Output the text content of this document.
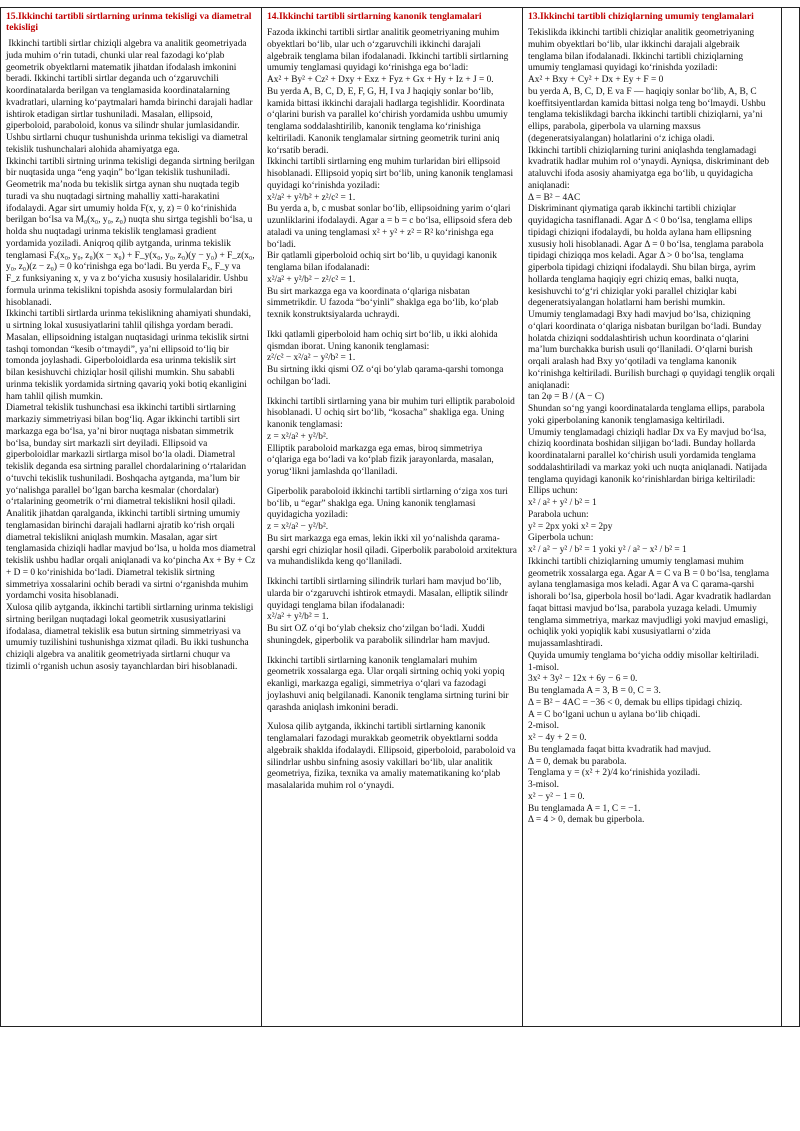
15.Ikkinchi tartibli sirtlarning urinma tekisligi va diametral tekisligi

Ikkinchi tartibli sirtlar chiziqli algebra va analitik geometriyada juda muhim o‘rin tutadi, chunki ular real fazodagi ko‘plab geometrik obyektlarni matematik jihatdan ifodalash imkonini beradi. Ikkinchi tartibli sirtlar deganda uch o‘zgaruvchili koordinatalarda berilgan va tenglamasida koordinatalarning kvadratlari, ularning ko‘paytmalari hamda birinchi darajali hadlar ishtirok etadigan sirtlar tushuniladi. Masalan, ellipsoid, giperboloid, paraboloid, konus va silindr shular jumlasidandir. Ushbu sirtlarni chuqur tushunishda urinma tekisligi va diametral tekislik tushunchalari alohida ahamiyatga ega.

Ikkinchi tartibli sirtning urinma tekisligi deganda sirtning berilgan bir nuqtasida unga “eng yaqin” bo‘lgan tekislik tushuniladi. Geometrik ma’noda bu tekislik sirtga aynan shu nuqtada tegib turadi va shu nuqtadagi sirtning mahalliy xatti-harakatini ifodalaydi. Agar sirt umumiy holda F(x, y, z) = 0 ko‘rinishida berilgan bo‘lsa va M₀(x₀, y₀, z₀) nuqta shu sirtga tegishli bo‘lsa, u holda shu nuqtadagi urinma tekislik tenglamasi gradient yordamida yoziladi. Aniqroq qilib aytganda, urinma tekislik tenglamasi Fₓ(x₀, y₀, z₀)(x − x₀) + F_y(x₀, y₀, z₀)(y − y₀) + F_z(x₀, y₀, z₀)(z − z₀) = 0 ko‘rinishga ega bo‘ladi. Bu yerda Fₓ, F_y va F_z funksiyaning x, y va z bo‘yicha xususiy hosilalaridir. Ushbu formula urinma tekislikni topishda asosiy formulalardan biri hisoblanadi.

Ikkinchi tartibli sirtlarda urinma tekislikning ahamiyati shundaki, u sirtning lokal xususiyatlarini tahlil qilishga yordam beradi. Masalan, ellipsoidning istalgan nuqtasidagi urinma tekislik sirtni tashqi tomondan “kesib o‘tmaydi”, ya’ni ellipsoid to‘liq bir tomonda joylashadi. Giperboloidlarda esa urinma tekislik sirt bilan kesishuvchi chiziqlar hosil qilishi mumkin. Shu sababli urinma tekislik yordamida sirtning qavariq yoki botiq ekanligini ham tahlil qilish mumkin.

Diametral tekislik tushunchasi esa ikkinchi tartibli sirtlarning markaziy simmetriyasi bilan bog‘liq. Agar ikkinchi tartibli sirt markazga ega bo‘lsa, ya’ni biror nuqtaga nisbatan simmetrik bo‘lsa, bunday sirt markazli sirt deyiladi. Ellipsoid va giperboloidlar markazli sirtlarga misol bo‘la oladi. Diametral tekislik deganda esa sirtning parallel chordalarining o‘rtalaridan o‘tuvchi tekislik tushuniladi. Boshqacha aytganda, ma’lum bir yo‘nalishga parallel bo‘lgan barcha kesmalar (chordalar) o‘rtalarining geometrik o‘rni diametral tekislikni hosil qiladi.

Analitik jihatdan qaralganda, ikkinchi tartibli sirtning umumiy tenglamasidan birinchi darajali hadlarni ajratib ko‘rish orqali diametral tekislikni aniqlash mumkin. Masalan, agar sirt tenglamasida chiziqli hadlar mavjud bo‘lsa, u holda mos diametral tekislik ushbu hadlar orqali aniqlanadi va ko‘pincha Ax + By + Cz + D = 0 ko‘rinishida bo‘ladi. Diametral tekislik sirtning simmetriya xossalarini ochib beradi va sirtni o‘rganishda muhim yordamchi vosita hisoblanadi.

Xulosa qilib aytganda, ikkinchi tartibli sirtlarning urinma tekisligi sirtning berilgan nuqtadagi lokal geometrik xususiyatlarini ifodalasa, diametral tekislik esa butun sirtning simmetriyasi va umumiy tuzilishini tushunishga xizmat qiladi. Bu ikki tushuncha chiziqli algebra va analitik geometriyada sirtlarni chuqur va tizimli o‘rganish uchun asosiy tayanchlardan biri hisoblanadi.

14.Ikkinchi tartibli sirtlarning kanonik tenglamalari

Fazoda ikkinchi tartibli sirtlar analitik geometriyaning muhim obyektlari bo‘lib, ular uch o‘zgaruvchili ikkinchi darajali algebraik tenglama bilan ifodalanadi. Ikkinchi tartibli sirtlarning umumiy tenglamasi quyidagi ko‘rinishga ega bo‘ladi:
Ax² + By² + Cz² + Dxy + Exz + Fyz + Gx + Hy + Iz + J = 0.

Bu yerda A, B, C, D, E, F, G, H, I va J haqiqiy sonlar bo‘lib, kamida bittasi ikkinchi darajali hadlarga tegishlidir. Koordinata o‘qlarini burish va parallel ko‘chirish yordamida ushbu umumiy tenglama soddalashtirilib, kanonik tenglama ko‘rinishiga keltiriladi. Kanonik tenglamalar sirtning geometrik turini aniq ko‘rsatib beradi.

Ikkinchi tartibli sirtlarning eng muhim turlaridan biri ellipsoid hisoblanadi. Ellipsoid yopiq sirt bo‘lib, uning kanonik tenglamasi quyidagi ko‘rinishda yoziladi:
x²/a² + y²/b² + z²/c² = 1.

Bu yerda a, b, c musbat sonlar bo‘lib, ellipsoidning yarim o‘qlari uzunliklarini ifodalaydi. Agar a = b = c bo‘lsa, ellipsoid sfera deb ataladi va uning tenglamasi x² + y² + z² = R² ko‘rinishga ega bo‘ladi.

Bir qatlamli giperboloid ochiq sirt bo‘lib, u quyidagi kanonik tenglama bilan ifodalanadi:
x²/a² + y²/b² − z²/c² = 1.

Bu sirt markazga ega va koordinata o‘qlariga nisbatan simmetrikdir. U fazoda “bo‘yinli” shaklga ega bo‘lib, ko‘plab texnik konstruktsiyalarda uchraydi.

Ikki qatlamli giperboloid ham ochiq sirt bo‘lib, u ikki alohida qismdan iborat. Uning kanonik tenglamasi:
z²/c² − x²/a² − y²/b² = 1.

Bu sirtning ikki qismi OZ o‘qi bo‘ylab qarama-qarshi tomonga ochilgan bo‘ladi.

Ikkinchi tartibli sirtlarning yana bir muhim turi elliptik paraboloid hisoblanadi. U ochiq sirt bo‘lib, “kosacha” shakliga ega. Uning kanonik tenglamasi:
z = x²/a² + y²/b².

Elliptik paraboloid markazga ega emas, biroq simmetriya o‘qlariga ega bo‘ladi va ko‘plab fizik jarayonlarda, masalan, yorug‘likni jamlashda qo‘llaniladi.

Giperbolik paraboloid ikkinchi tartibli sirtlarning o‘ziga xos turi bo‘lib, u “egar” shaklga ega. Uning kanonik tenglamasi quyidagicha yoziladi:
z = x²/a² − y²/b².

Bu sirt markazga ega emas, lekin ikki xil yo‘nalishda qarama-qarshi egri chiziqlar hosil qiladi. Giperbolik paraboloid arxitektura va muhandislikda keng qo‘llaniladi.

Ikkinchi tartibli sirtlarning silindrik turlari ham mavjud bo‘lib, ularda bir o‘zgaruvchi ishtirok etmaydi. Masalan, elliptik silindr quyidagi tenglama bilan ifodalanadi:
x²/a² + y²/b² = 1.

Bu sirt OZ o‘qi bo‘ylab cheksiz cho‘zilgan bo‘ladi. Xuddi shuningdek, giperbolik va parabolik silindrlar ham mavjud.

Ikkinchi tartibli sirtlarning kanonik tenglamalari muhim geometrik xossalarga ega. Ular orqali sirtning ochiq yoki yopiq ekanligi, markazga egaligi, simmetriya o‘qlari va fazodagi joylashuvi aniq belgilanadi. Kanonik tenglama sirtning turini bir qarashda aniqlash imkonini beradi.

Xulosa qilib aytganda, ikkinchi tartibli sirtlarning kanonik tenglamalari fazodagi murakkab geometrik obyektlarni sodda algebraik shaklda ifodalaydi. Ellipsoid, giperboloid, paraboloid va silindrlar ushbu sinfning asosiy vakillari bo‘lib, ular analitik geometriya, fizika, texnika va amaliy matematikaning ko‘plab masalalarida muhim rol o‘ynaydi.

13.Ikkinchi tartibli chiziqlarning umumiy tenglamalari

Tekislikda ikkinchi tartibli chiziqlar analitik geometriyaning muhim obyektlari bo‘lib, ular ikkinchi darajali algebraik tenglama bilan ifodalanadi. Ikkinchi tartibli chiziqlarning umumiy tenglamasi quyidagi ko‘rinishda yoziladi:
Ax² + Bxy + Cy² + Dx + Ey + F = 0

bu yerda A, B, C, D, E va F — haqiqiy sonlar bo‘lib, A, B, C koeffitsiyentlardan kamida bittasi nolga teng bo‘lmaydi. Ushbu tenglama tekislikdagi barcha ikkinchi tartibli chiziqlarni, ya’ni ellips, parabola, giperbola va ularning maxsus (degeneratsiyalangan) holatlarini o‘z ichiga oladi.

Ikkinchi tartibli chiziqlarning turini aniqlashda tenglamadagi kvadratik hadlar muhim rol o‘ynaydi. Ayniqsa, diskriminant deb ataluvchi ifoda asosiy ahamiyatga ega bo‘lib, u quyidagicha aniqlanadi:
Δ = B² − 4AC

Diskriminant qiymatiga qarab ikkinchi tartibli chiziqlar quyidagicha tasniflanadi. Agar Δ < 0 bo‘lsa, tenglama ellips tipidagi chiziqni ifodalaydi, bu holda aylana ham ellipsning xususiy holi hisoblanadi. Agar Δ = 0 bo‘lsa, tenglama parabola tipidagi chiziqqa mos keladi. Agar Δ > 0 bo‘lsa, tenglama giperbola tipidagi chiziqni ifodalaydi. Shu bilan birga, ayrim hollarda tenglama haqiqiy egri chiziq emas, balki nuqta, kesishuvchi to‘g‘ri chiziqlar yoki parallel chiziqlar kabi degeneratsiyalangan holatlarni ham berishi mumkin.

Umumiy tenglamadagi Bxy hadi mavjud bo‘lsa, chiziqning o‘qlari koordinata o‘qlariga nisbatan burilgan bo‘ladi. Bunday holatda chiziqni soddalashtirish uchun koordinata o‘qlarini ma’lum burchakka burish usuli qo‘llaniladi. O‘qlarni burish orqali aralash had Bxy yo‘qotiladi va tenglama kanonik ko‘rinishga keltiriladi. Burilish burchagi φ quyidagi tenglik orqali aniqlanadi:
tan 2φ = B / (A − C)

Shundan so‘ng yangi koordinatalarda tenglama ellips, parabola yoki giperbolaning kanonik tenglamasiga keltiriladi.

Umumiy tenglamadagi chiziqli hadlar Dx va Ey mavjud bo‘lsa, chiziq koordinata boshidan siljigan bo‘ladi. Bunday hollarda koordinatalarni parallel ko‘chirish usuli yordamida tenglama soddalashtiriladi va markaz yoki uch nuqta aniqlanadi. Natijada tenglama quyidagi kanonik ko‘rinishlardan biriga keltiriladi:

Ellips uchun:
x² / a² + y² / b² = 1

Parabola uchun:
y² = 2px yoki x² = 2py

Giperbola uchun:
x² / a² − y² / b² = 1 yoki y² / a² − x² / b² = 1

Ikkinchi tartibli chiziqlarning umumiy tenglamasi muhim geometrik xossalarga ega. Agar A = C va B = 0 bo‘lsa, tenglama aylana tenglamasiga mos keladi. Agar A va C qarama-qarshi ishorali bo‘lsa, giperbola hosil bo‘ladi. Agar kvadratik hadlardan faqat bittasi mavjud bo‘lsa, parabola yuzaga keladi. Umumiy tenglama simmetriya, markaz mavjudligi yoki mavjud emasligi, ochiqlik yoki yopiqlik kabi xususiyatlarni o‘zida mujassamlashtiradi.

Quyida umumiy tenglama bo‘yicha oddiy misollar keltiriladi.

1-misol.
3x² + 3y² − 12x + 6y − 6 = 0.

Bu tenglamada A = 3, B = 0, C = 3.
Δ = B² − 4AC = −36 < 0, demak bu ellips tipidagi chiziq.
A = C bo‘lgani uchun u aylana bo‘lib chiqadi.

2-misol.
x² − 4y + 2 = 0.

Bu tenglamada faqat bitta kvadratik had mavjud.
Δ = 0, demak bu parabola.
Tenglama y = (x² + 2)/4 ko‘rinishida yoziladi.

3-misol.
x² − y² − 1 = 0.

Bu tenglamada A = 1, C = −1.
Δ = 4 > 0, demak bu giperbola.
